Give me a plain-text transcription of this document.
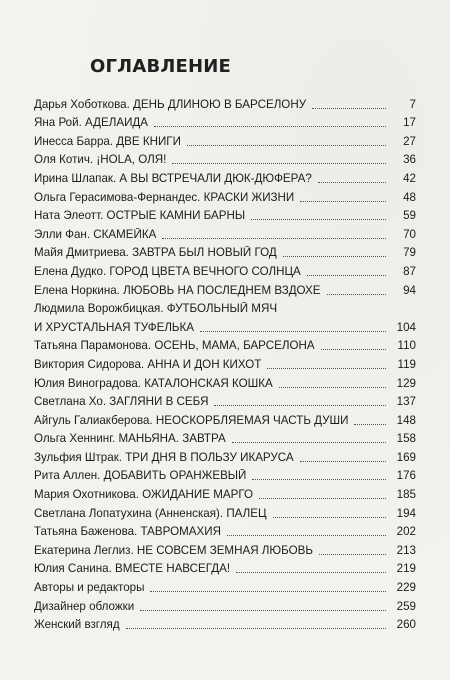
ОГЛАВЛЕНИЕ
Дарья Хоботкова. ДЕНЬ ДЛИНОЮ В БАРСЕЛОНУ	7
Яна Рой. АДЕЛАИДА	17
Инесса Барра. ДВЕ КНИГИ	27
Оля Котич. ¡HOLA, ОЛЯ!	36
Ирина Шлапак. А ВЫ ВСТРЕЧАЛИ ДЮК-ДЮФЕРА?	42
Ольга Герасимова-Фернандес. КРАСКИ ЖИЗНИ	48
Ната Элеотт. ОСТРЫЕ КАМНИ БАРНЫ	59
Элли Фан. СКАМЕЙКА	70
Майя Дмитриева. ЗАВТРА БЫЛ НОВЫЙ ГОД	79
Елена Дудко. ГОРОД ЦВЕТА ВЕЧНОГО СОЛНЦА	87
Елена Норкина. ЛЮБОВЬ НА ПОСЛЕДНЕМ ВЗДОХЕ	94
Людмила Ворожбицкая. ФУТБОЛЬНЫЙ МЯЧ
И ХРУСТАЛЬНАЯ ТУФЕЛЬКА	104
Татьяна Парамонова. ОСЕНЬ, МАМА, БАРСЕЛОНА	110
Виктория Сидорова. АННА И ДОН КИХОТ	119
Юлия Виноградова. КАТАЛОНСКАЯ КОШКА	129
Светлана Хо. ЗАГЛЯНИ В СЕБЯ	137
Айгуль Галиакберова. НЕОСКОРБЛЯЕМАЯ ЧАСТЬ ДУШИ	148
Ольга Хеннинг. МАНЬЯНА. ЗАВТРА	158
Зульфия Штрак. ТРИ ДНЯ В ПОЛЬЗУ ИКАРУСА	169
Рита Аллен. ДОБАВИТЬ ОРАНЖЕВЫЙ	176
Мария Охотникова. ОЖИДАНИЕ МАРГО	185
Светлана Лопатухина (Анненская). ПАЛЕЦ	194
Татьяна Баженова. ТАВРОМАХИЯ	202
Екатерина Леглиз. НЕ СОВСЕМ ЗЕМНАЯ ЛЮБОВЬ	213
Юлия Санина. ВМЕСТЕ НАВСЕГДА!	219
Авторы и редакторы	229
Дизайнер обложки	259
Женский взгляд	260
